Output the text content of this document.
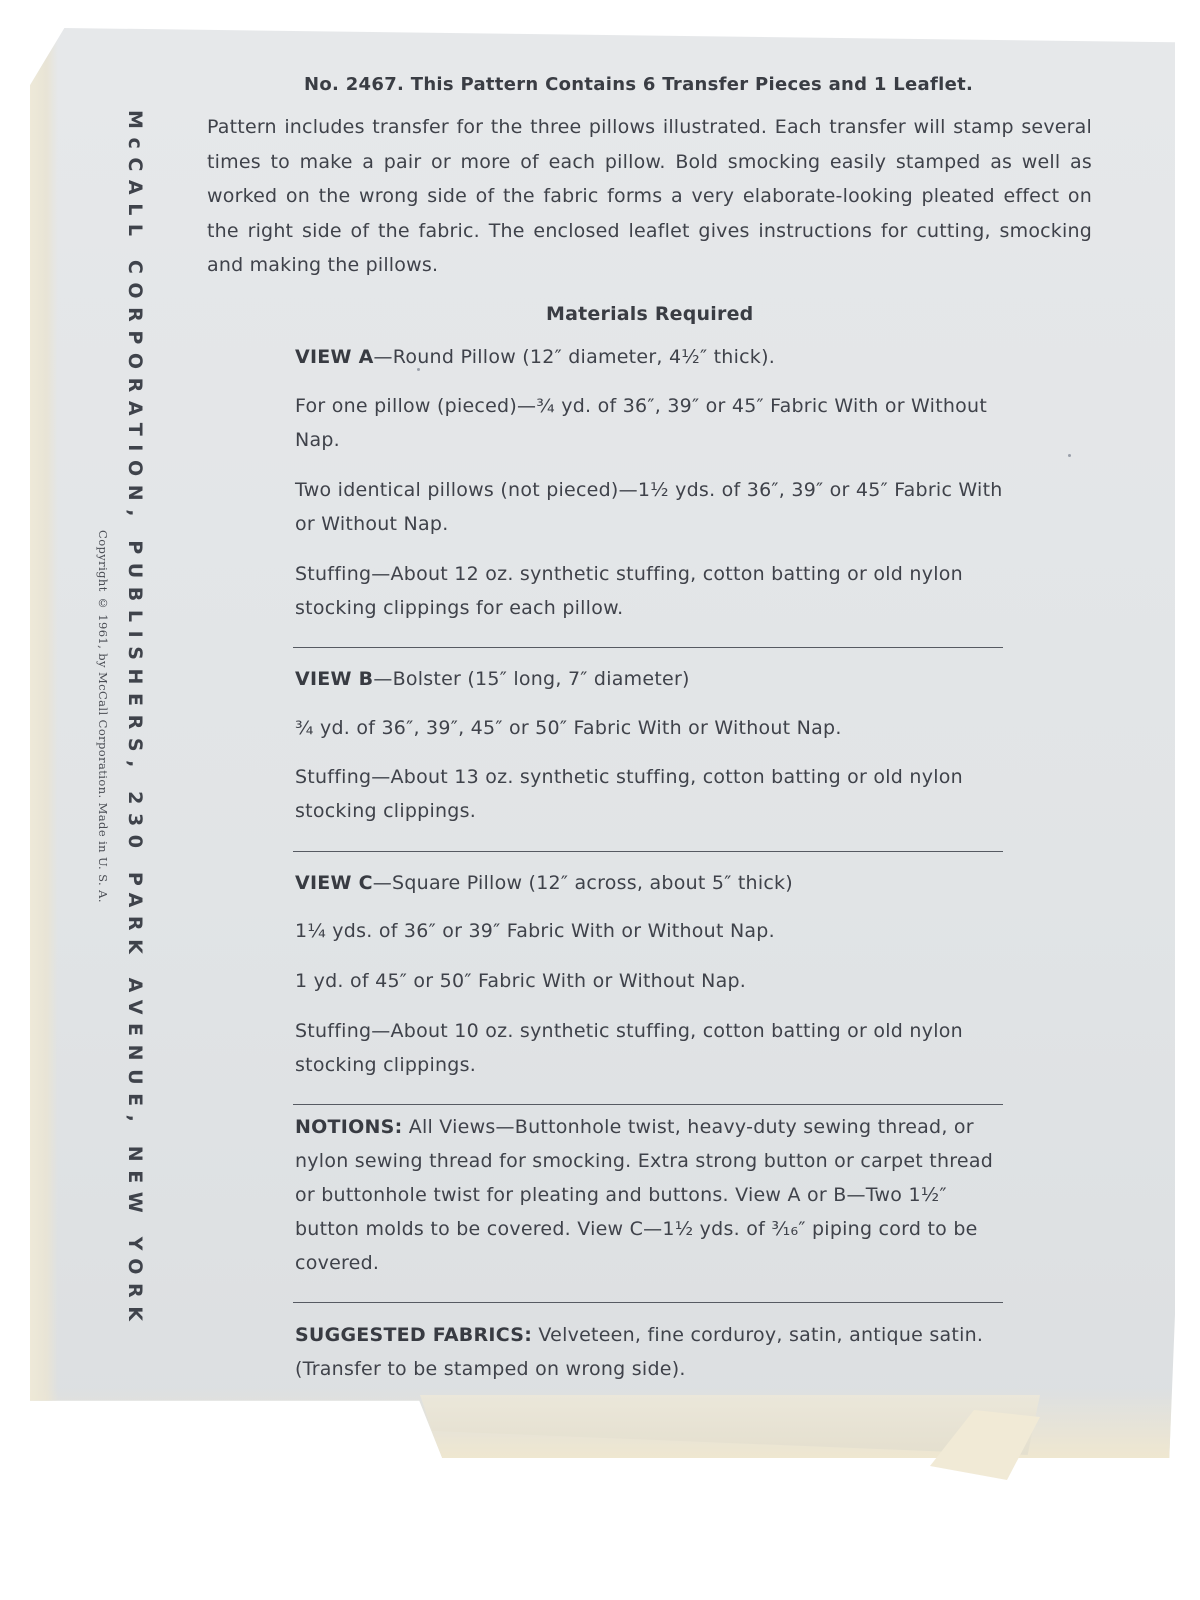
McCALL CORPORATION, PUBLISHERS, 230 PARK AVENUE, NEW YORK
Copyright © 1961, by McCall Corporation. Made in U. S. A.
No. 2467. This Pattern Contains 6 Transfer Pieces and 1 Leaflet.

Pattern includes transfer for the three pillows illustrated. Each transfer will stamp several times to make a pair or more of each pillow. Bold smocking easily stamped as well as worked on the wrong side of the fabric forms a very elaborate-looking pleated effect on the right side of the fabric. The enclosed leaflet gives instructions for cutting, smocking and making the pillows.

Materials Required

VIEW A—Round Pillow (12″ diameter, 4½″ thick).

For one pillow (pieced)—¾ yd. of 36″, 39″ or 45″ Fabric With or Without Nap.

Two identical pillows (not pieced)—1½ yds. of 36″, 39″ or 45″ Fabric With or Without Nap.

Stuffing—About 12 oz. synthetic stuffing, cotton batting or old nylon stocking clippings for each pillow.

VIEW B—Bolster (15″ long, 7″ diameter)

¾ yd. of 36″, 39″, 45″ or 50″ Fabric With or Without Nap.

Stuffing—About 13 oz. synthetic stuffing, cotton batting or old nylon stocking clippings.

VIEW C—Square Pillow (12″ across, about 5″ thick)

1¼ yds. of 36″ or 39″ Fabric With or Without Nap.

1 yd. of 45″ or 50″ Fabric With or Without Nap.

Stuffing—About 10 oz. synthetic stuffing, cotton batting or old nylon stocking clippings.

NOTIONS: All Views—Buttonhole twist, heavy-duty sewing thread, or nylon sewing thread for smocking. Extra strong button or carpet thread or buttonhole twist for pleating and buttons. View A or B—Two 1½″ button molds to be covered. View C—1½ yds. of ³⁄₁₆″ piping cord to be covered.

SUGGESTED FABRICS: Velveteen, fine corduroy, satin, antique satin. (Transfer to be stamped on wrong side).
